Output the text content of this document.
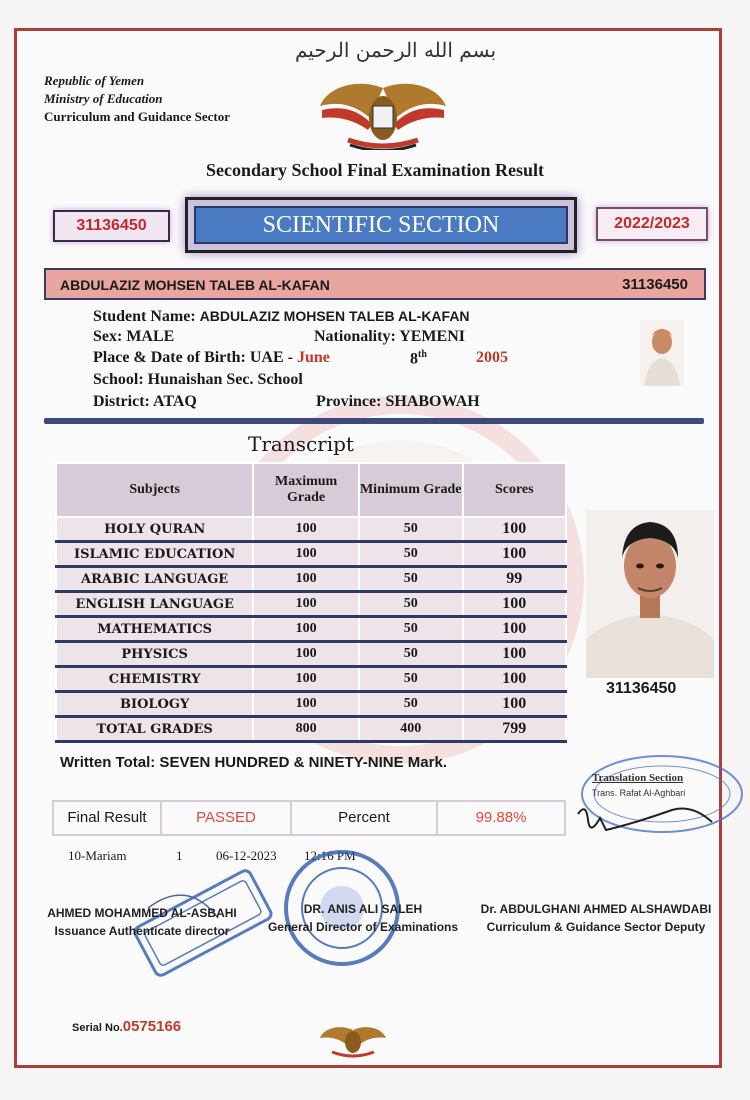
بسم الله الرحمن الرحيم
Republic of Yemen
Ministry of Education
Curriculum and Guidance Sector
Secondary School Final Examination Result
31136450	SCIENTIFIC SECTION	2022/2023
ABDULAZIZ MOHSEN TALEB AL-KAFAN	31136450
Student Name: ABDULAZIZ MOHSEN TALEB AL-KAFAN
Sex: MALE	Nationality: YEMENI
Place & Date of Birth: UAE - June	8th	2005
School: Hunaishan Sec. School
District: ATAQ	Province: SHABOWAH
Transcript
Subjects	Maximum Grade	Minimum Grade	Scores
HOLY QURAN	100	50	100
ISLAMIC EDUCATION	100	50	100
ARABIC LANGUAGE	100	50	99
ENGLISH LANGUAGE	100	50	100
MATHEMATICS	100	50	100
PHYSICS	100	50	100
CHEMISTRY	100	50	100
BIOLOGY	100	50	100
TOTAL GRADES	800	400	799
Written Total: SEVEN HUNDRED & NINETY-NINE Mark.
31136450
Final Result	PASSED	Percent	99.88%
10-Mariam	1	06-12-2023 12:16 PM
Translation Section
Trans. Rafat Al-Aghbari
AHMED MOHAMMED AL-ASBAHI
Issuance Authenticate director
DR. ANIS ALI SALEH
General Director of Examinations
Dr. ABDULGHANI AHMED ALSHAWDABI
Curriculum & Guidance Sector Deputy
Serial No.0575166
